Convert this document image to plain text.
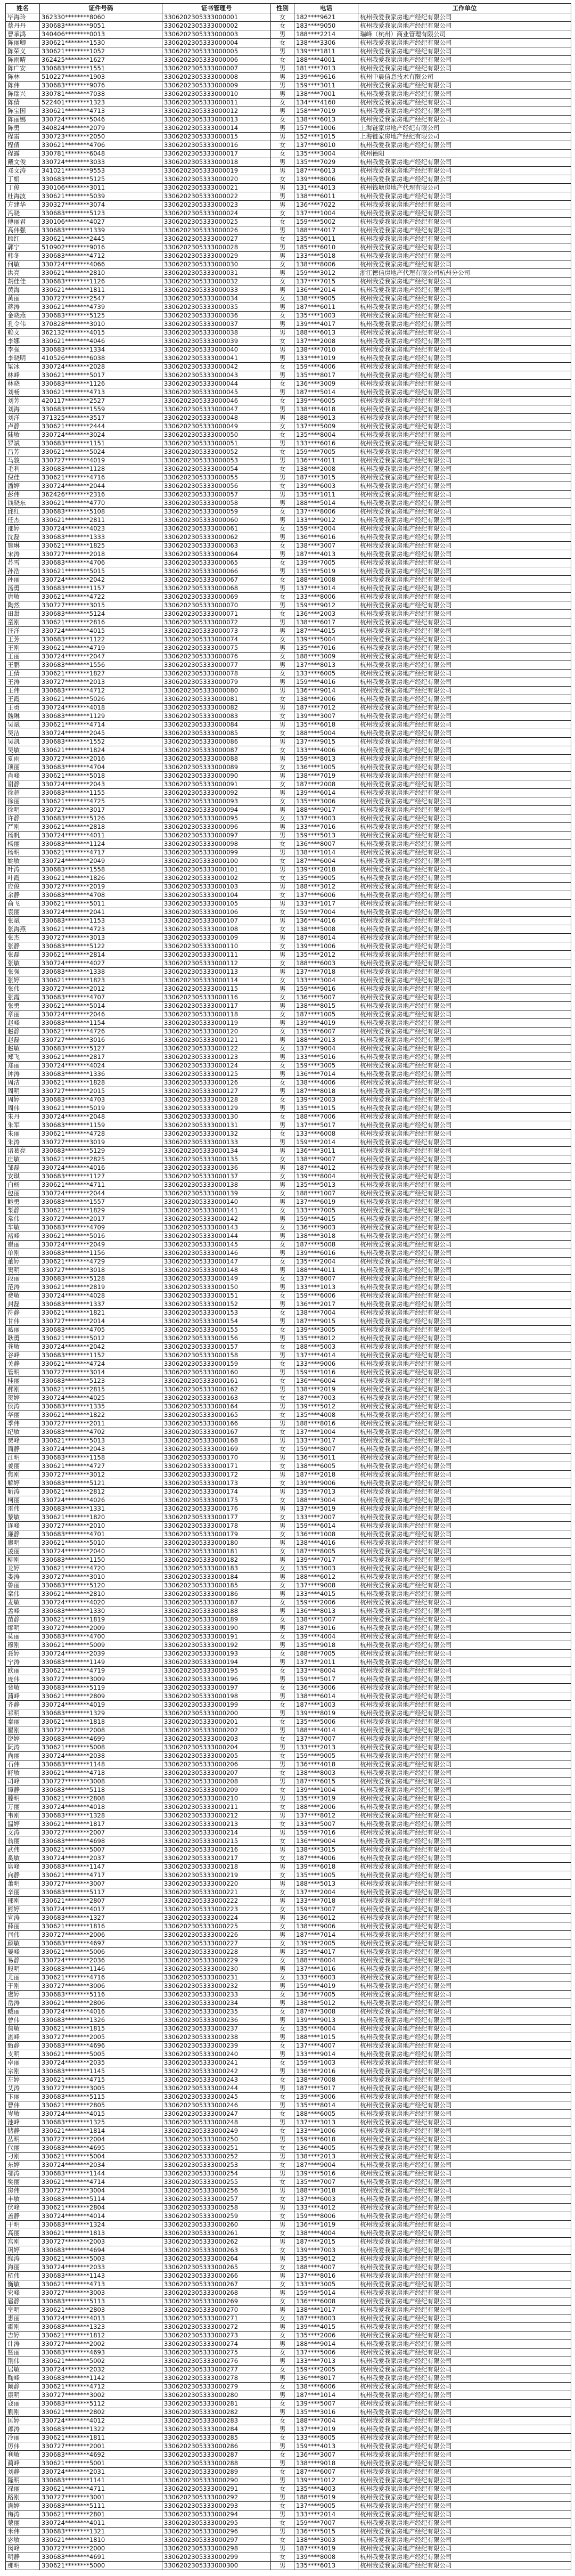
姓名	证件号码	证书管理号	性别	电话	工作单位
毕海玲	362330********8060	3306202305333000001	女	182****9621	杭州我爱我家房地产经纪有限公司
蔡丹丹	330683********9051	3306202305333000002	女	183****9050	杭州我爱我家房地产经纪有限公司
曹承鸿	340406********0013	3306202305333000003	男	188****2214	瑞峰（杭州）商业管理有限公司
陈丽卿	330621********1530	3306202305333000004	女	138****3306	杭州我爱我家房地产经纪有限公司
陈荣义	330621********1052	3306202305333000005	男	139****1811	杭州我爱我家房地产经纪有限公司
陈雨晴	362425********1627	3306202305333000006	女	188****4001	杭州我爱我家房地产经纪有限公司
陈广安	330683********1551	3306202305333000007	男	181****7013	杭州我爱我家房地产经纪有限公司
陈林	510227********1903	3306202305333000008	男	139****9616	杭州中晨信息技术有限公司
陈伟	330683********9076	3306202305333000009	男	159****3011	杭州我爱我家房地产经纪有限公司
陈瑞兴	330781********7038	3306202305333000010	男	138****7001	杭州我爱我家房地产经纪有限公司
陈倩	522401********1323	3306202305333000011	女	134****4160	杭州我爱我家房地产经纪有限公司
陈宝国	330621********4713	3306202305333000012	男	158****7019	杭州我爱我家房地产经纪有限公司
陈丽娜	330724********5046	3306202305333000013	女	138****6013	杭州我爱我家房地产经纪有限公司
陈勇	340824********2079	3306202305333000014	男	157****1006	上海链家房地产经纪有限公司
程雷	330723********2050	3306202305333000015	男	152****1015	上海链家房地产经纪有限公司
程倩	330621********4706	3306202305333000016	女	137****8010	杭州我爱我家房地产经纪有限公司
程露	330781********6048	3306202305333000017	女	135****3004	杭州德阳
戴文俊	330724********3033	3306202305333000018	男	135****7029	杭州我爱我家房地产经纪有限公司
邓文涛	341021********9553	3306202305333000019	男	187****6013	杭州我爱我家房地产经纪有限公司
丁娟	330683********5125	3306202305333000020	女	139****8006	杭州我爱我家房地产经纪有限公司
丁俊	330106********3011	3306202305333000021	男	131****4013	杭州钱塘房地产代理有限公司
杜海波	330621********5039	3306202305333000022	男	138****6011	杭州我爱我家房地产经纪有限公司
方建华	330327********3074	3306202305333000023	男	136****7022	杭州我爱我家房地产经纪有限公司
冯晓	330683********5123	3306202305333000024	女	137****1004	杭州我爱我家房地产经纪有限公司
傅丽君	330106********4027	3306202305333000025	女	159****5002	杭州我爱我家房地产经纪有限公司
高伟强	330683********1339	3306202305333000026	男	188****4017	杭州我爱我家房地产经纪有限公司
顾红	330621********2445	3306202305333000027	女	135****0011	杭州我爱我家房地产经纪有限公司
郭宁	510902********9016	3306202305333000028	男	185****6010	杭州我爱我家房地产经纪有限公司
韩冬	330683********4712	3306202305333000029	男	133****5018	杭州我爱我家房地产经纪有限公司
何敏	330724********4066	3306202305333000030	女	138****8006	杭州我爱我家房地产经纪有限公司
洪亮	330621********2810	3306202305333000031	男	159****3012	浙江德信房地产代理有限公司杭州分公司
胡佳佳	330683********1126	3306202305333000032	女	137****7015	杭州我爱我家房地产经纪有限公司
黄海	330621********1811	3306202305333000033	男	136****2014	杭州我爱我家房地产经纪有限公司
黄丽	330727********2547	3306202305333000034	女	138****9005	杭州我爱我家房地产经纪有限公司
蒋涛	330621********4739	3306202305333000035	男	187****6011	杭州我爱我家房地产经纪有限公司
金晓燕	330683********5125	3306202305333000036	女	135****1003	杭州我爱我家房地产经纪有限公司
孔令伟	370828********3010	3306202305333000037	男	139****4017	杭州我爱我家房地产经纪有限公司
赖文	362132********4015	3306202305333000038	男	188****6013	杭州我爱我家房地产经纪有限公司
李娜	330621********4046	3306202305333000039	女	137****2008	杭州我爱我家房地产经纪有限公司
李强	330683********1334	3306202305333000040	男	138****7010	杭州我爱我家房地产经纪有限公司
李晓明	410526********6038	3306202305333000041	男	133****1019	杭州我爱我家房地产经纪有限公司
梁冰	330724********2028	3306202305333000042	女	159****4006	杭州我爱我家房地产经纪有限公司
林峰	330621********5017	3306202305333000043	男	135****8017	杭州我爱我家房地产经纪有限公司
林晓	330683********1126	3306202305333000044	女	136****3009	杭州我爱我家房地产经纪有限公司
刘畅	330621********4713	3306202305333000045	男	187****5014	杭州我爱我家房地产经纪有限公司
刘芳	420117********2527	3306202305333000046	女	139****6005	杭州我爱我家房地产经纪有限公司
刘海	330683********1559	3306202305333000047	男	138****4018	杭州我爱我家房地产经纪有限公司
刘洋	371325********3517	3306202305333000048	男	188****9013	杭州我爱我家房地产经纪有限公司
卢静	330621********2444	3306202305333000049	女	137****5009	杭州我爱我家房地产经纪有限公司
陆敏	330724********3024	3306202305333000050	女	135****8004	杭州我爱我家房地产经纪有限公司
罗斌	330683********1151	3306202305333000051	男	133****6016	杭州我爱我家房地产经纪有限公司
吕芳	330621********5024	3306202305333000052	女	159****7005	杭州我爱我家房地产经纪有限公司
马骏	330727********4019	3306202305333000053	男	136****4011	杭州我爱我家房地产经纪有限公司
毛利	330683********1128	3306202305333000054	女	138****2008	杭州我爱我家房地产经纪有限公司
倪佳	330621********4716	3306202305333000055	男	187****3015	杭州我爱我家房地产经纪有限公司
潘婷	330724********2044	3306202305333000056	女	139****6003	杭州我爱我家房地产经纪有限公司
彭伟	362426********2316	3306202305333000057	男	135****1011	杭州我爱我家房地产经纪有限公司
钱晓东	330621********4770	3306202305333000058	男	188****5014	杭州我爱我家房地产经纪有限公司
邱红	330683********5108	3306202305333000059	女	137****8006	杭州我爱我家房地产经纪有限公司
任杰	330621********2811	3306202305333000060	男	133****9012	杭州我爱我家房地产经纪有限公司
邵婷	330724********4023	3306202305333000061	女	159****2004	杭州我爱我家房地产经纪有限公司
沈磊	330683********1333	3306202305333000062	男	136****6016	杭州我爱我家房地产经纪有限公司
施琳	330621********1825	3306202305333000063	女	138****3007	杭州我爱我家房地产经纪有限公司
宋涛	330727********2018	3306202305333000064	男	187****4013	杭州我爱我家房地产经纪有限公司
苏雪	330683********4706	3306202305333000065	女	139****7005	杭州我爱我家房地产经纪有限公司
孙浩	330621********5015	3306202305333000066	男	135****5019	杭州我爱我家房地产经纪有限公司
孙丽	330724********2042	3306202305333000067	女	188****1008	杭州我爱我家房地产经纪有限公司
汤勇	330683********1157	3306202305333000068	男	137****3014	杭州我爱我家房地产经纪有限公司
唐敏	330621********4722	3306202305333000069	女	133****8006	杭州我爱我家房地产经纪有限公司
陶然	330727********3015	3306202305333000070	男	159****9012	杭州我爱我家房地产经纪有限公司
田甜	330683********5124	3306202305333000071	女	136****2003	杭州我爱我家房地产经纪有限公司
童刚	330621********2816	3306202305333000072	男	138****6017	杭州我爱我家房地产经纪有限公司
汪洋	330724********4015	3306202305333000073	男	187****4015	杭州我爱我家房地产经纪有限公司
王芳	330683********1122	3306202305333000074	女	139****5004	杭州我爱我家房地产经纪有限公司
王刚	330621********4719	3306202305333000075	男	135****7016	杭州我爱我家房地产经纪有限公司
王丽	330724********2047	3306202305333000076	女	188****3009	杭州我爱我家房地产经纪有限公司
王鹏	330683********1556	3306202305333000077	男	137****8013	杭州我爱我家房地产经纪有限公司
王倩	330621********1827	3306202305333000078	女	133****6005	杭州我爱我家房地产经纪有限公司
王涛	330727********2013	3306202305333000079	男	159****4016	杭州我爱我家房地产经纪有限公司
王伟	330683********4712	3306202305333000080	男	136****9014	杭州我爱我家房地产经纪有限公司
王霞	330621********5026	3306202305333000081	女	138****2006	杭州我爱我家房地产经纪有限公司
王勇	330724********4018	3306202305333000082	男	187****7012	杭州我爱我家房地产经纪有限公司
魏琳	330683********1129	3306202305333000083	女	139****3007	杭州我爱我家房地产经纪有限公司
吴斌	330621********4714	3306202305333000084	男	135****6018	杭州我爱我家房地产经纪有限公司
吴洁	330724********2045	3306202305333000085	女	188****5004	杭州我爱我家房地产经纪有限公司
吴凯	330683********1552	3306202305333000086	男	137****9015	杭州我爱我家房地产经纪有限公司
吴敏	330621********1824	3306202305333000087	女	133****4006	杭州我爱我家房地产经纪有限公司
夏雨	330727********2016	3306202305333000088	男	159****8013	杭州我爱我家房地产经纪有限公司
项丽	330683********4704	3306202305333000089	女	136****1005	杭州我爱我家房地产经纪有限公司
肖峰	330621********5018	3306202305333000090	男	138****7019	杭州我爱我家房地产经纪有限公司
谢静	330724********2043	3306202305333000091	女	187****2008	杭州我爱我家房地产经纪有限公司
徐超	330683********1155	3306202305333000092	男	139****6014	杭州我爱我家房地产经纪有限公司
徐丽	330621********4725	3306202305333000093	女	135****3006	杭州我爱我家房地产经纪有限公司
徐明	330727********3017	3306202305333000094	男	188****9017	杭州我爱我家房地产经纪有限公司
许静	330683********5126	3306202305333000095	女	137****4003	杭州我爱我家房地产经纪有限公司
严刚	330621********2818	3306202305333000096	男	133****7016	杭州我爱我家房地产经纪有限公司
杨帆	330724********4011	3306202305333000097	男	159****5013	杭州我爱我家房地产经纪有限公司
杨丽	330683********1124	3306202305333000098	女	136****8007	杭州我爱我家房地产经纪有限公司
杨明	330621********4717	3306202305333000099	男	138****1014	杭州我爱我家房地产经纪有限公司
姚敏	330724********2049	3306202305333000100	女	187****6004	杭州我爱我家房地产经纪有限公司
叶涛	330683********1558	3306202305333000101	男	139****2018	杭州我爱我家房地产经纪有限公司
叶霞	330621********1826	3306202305333000102	女	135****9005	杭州我爱我家房地产经纪有限公司
应俊	330727********2019	3306202305333000103	男	188****3012	杭州我爱我家房地产经纪有限公司
余静	330683********4708	3306202305333000104	女	137****6006	杭州我爱我家房地产经纪有限公司
俞飞	330621********5011	3306202305333000105	男	133****1017	杭州我爱我家房地产经纪有限公司
袁丽	330724********2041	3306202305333000106	女	159****7004	杭州我爱我家房地产经纪有限公司
张斌	330683********1153	3306202305333000107	男	136****4016	杭州我爱我家房地产经纪有限公司
张海燕	330621********4723	3306202305333000108	女	138****5008	杭州我爱我家房地产经纪有限公司
张杰	330727********3013	3306202305333000109	男	187****8014	杭州我爱我家房地产经纪有限公司
张静	330683********5122	3306202305333000110	女	139****1006	杭州我爱我家房地产经纪有限公司
张磊	330621********2814	3306202305333000111	男	135****2012	杭州我爱我家房地产经纪有限公司
张敏	330724********4027	3306202305333000112	女	188****6003	杭州我爱我家房地产经纪有限公司
张强	330683********1338	3306202305333000113	男	137****7018	杭州我爱我家房地产经纪有限公司
张婷	330621********1823	3306202305333000114	女	133****3004	杭州我爱我家房地产经纪有限公司
张伟	330727********2012	3306202305333000115	男	159****9016	杭州我爱我家房地产经纪有限公司
张霞	330683********4707	3306202305333000116	女	136****5007	杭州我爱我家房地产经纪有限公司
张勇	330621********5014	3306202305333000117	男	138****8015	杭州我爱我家房地产经纪有限公司
章丽	330724********2046	3306202305333000118	女	187****1005	杭州我爱我家房地产经纪有限公司
赵峰	330683********1154	3306202305333000119	男	139****4019	杭州我爱我家房地产经纪有限公司
赵静	330621********4726	3306202305333000120	女	135****6007	杭州我爱我家房地产经纪有限公司
赵磊	330727********3016	3306202305333000121	男	188****2013	杭州我爱我家房地产经纪有限公司
赵敏	330683********5127	3306202305333000122	女	137****9004	杭州我爱我家房地产经纪有限公司
郑飞	330621********2817	3306202305333000123	男	133****5016	杭州我爱我家房地产经纪有限公司
郑丽	330724********4024	3306202305333000124	女	159****3005	杭州我爱我家房地产经纪有限公司
钟涛	330683********1336	3306202305333000125	男	136****7014	杭州我爱我家房地产经纪有限公司
周洁	330621********1828	3306202305333000126	女	138****4006	杭州我爱我家房地产经纪有限公司
周明	330727********2015	3306202305333000127	男	187****8018	杭州我爱我家房地产经纪有限公司
周婷	330683********4703	3306202305333000128	女	139****2003	杭州我爱我家房地产经纪有限公司
周伟	330621********5019	3306202305333000129	男	135****1015	杭州我爱我家房地产经纪有限公司
朱丹	330724********2048	3306202305333000130	女	188****7006	杭州我爱我家房地产经纪有限公司
朱军	330683********1159	3306202305333000131	男	137****5017	杭州我爱我家房地产经纪有限公司
朱丽	330621********4728	3306202305333000132	女	133****6008	杭州我爱我家房地产经纪有限公司
朱涛	330727********3019	3306202305333000133	男	159****2014	杭州我爱我家房地产经纪有限公司
诸葛亮	330683********5129	3306202305333000134	男	136****3011	杭州我爱我家房地产经纪有限公司
庄敏	330621********2825	3306202305333000135	女	138****9007	杭州我爱我家房地产经纪有限公司
邹磊	330724********4016	3306202305333000136	男	187****4012	杭州我爱我家房地产经纪有限公司
安琪	330683********1127	3306202305333000137	女	139****8004	杭州我爱我家房地产经纪有限公司
白杨	330621********4711	3306202305333000138	男	135****5013	杭州我爱我家房地产经纪有限公司
包丽	330724********2044	3306202305333000139	女	188****1007	杭州我爱我家房地产经纪有限公司
鲍勇	330683********1557	3306202305333000140	男	137****6019	杭州我爱我家房地产经纪有限公司
柴静	330621********1829	3306202305333000141	女	133****7005	杭州我爱我家房地产经纪有限公司
常伟	330727********2017	3306202305333000142	男	159****4015	杭州我爱我家房地产经纪有限公司
车敏	330683********4709	3306202305333000143	女	136****9003	杭州我爱我家房地产经纪有限公司
褚峰	330621********5016	3306202305333000144	男	138****3018	杭州我爱我家房地产经纪有限公司
崔丽	330724********2049	3306202305333000145	女	187****5008	杭州我爱我家房地产经纪有限公司
单刚	330683********1156	3306202305333000146	男	139****6016	杭州我爱我家房地产经纪有限公司
董婷	330621********4729	3306202305333000147	女	135****2004	杭州我爱我家房地产经纪有限公司
窦明	330727********3018	3306202305333000148	男	188****4011	杭州我爱我家房地产经纪有限公司
段丽	330683********5128	3306202305333000149	女	137****8007	杭州我爱我家房地产经纪有限公司
范涛	330621********2819	3306202305333000150	男	133****1013	杭州我爱我家房地产经纪有限公司
费敏	330724********4028	3306202305333000151	女	159****6006	杭州我爱我家房地产经纪有限公司
封磊	330683********1337	3306202305333000152	男	136****2017	杭州我爱我家房地产经纪有限公司
符静	330621********1821	3306202305333000153	女	138****7004	杭州我爱我家房地产经纪有限公司
甘伟	330727********2014	3306202305333000154	男	187****9015	杭州我爱我家房地产经纪有限公司
葛丽	330683********4705	3306202305333000155	女	139****3005	杭州我爱我家房地产经纪有限公司
耿勇	330621********5012	3306202305333000156	男	135****8012	杭州我爱我家房地产经纪有限公司
龚敏	330724********2042	3306202305333000157	女	188****5003	杭州我爱我家房地产经纪有限公司
谷峰	330683********1152	3306202305333000158	男	137****4014	杭州我爱我家房地产经纪有限公司
关静	330621********4724	3306202305333000159	女	133****9006	杭州我爱我家房地产经纪有限公司
管明	330727********3014	3306202305333000160	男	159****1016	杭州我爱我家房地产经纪有限公司
桂丽	330683********5123	3306202305333000161	女	136****6004	杭州我爱我家房地产经纪有限公司
郝刚	330621********2815	3306202305333000162	男	138****2019	杭州我爱我家房地产经纪有限公司
贺婷	330724********4025	3306202305333000163	女	187****7003	杭州我爱我家房地产经纪有限公司
侯涛	330683********1335	3306202305333000164	男	139****5012	杭州我爱我家房地产经纪有限公司
华丽	330621********1822	3306202305333000165	女	135****4008	杭州我爱我家房地产经纪有限公司
季伟	330727********2011	3306202305333000166	男	188****8016	杭州我爱我家房地产经纪有限公司
纪敏	330683********4702	3306202305333000167	女	137****1004	杭州我爱我家房地产经纪有限公司
贾峰	330621********5013	3306202305333000168	男	133****3017	杭州我爱我家房地产经纪有限公司
简静	330724********2043	3306202305333000169	女	159****8007	杭州我爱我家房地产经纪有限公司
江明	330683********1158	3306202305333000170	男	136****5011	杭州我爱我家房地产经纪有限公司
姜丽	330621********4727	3306202305333000171	女	138****6005	杭州我爱我家房地产经纪有限公司
焦刚	330727********3012	3306202305333000172	男	187****2018	杭州我爱我家房地产经纪有限公司
解婷	330683********5121	3306202305333000173	女	139****9006	杭州我爱我家房地产经纪有限公司
靳涛	330621********2812	3306202305333000174	男	135****7013	杭州我爱我家房地产经纪有限公司
柯丽	330724********4026	3306202305333000175	女	188****3004	杭州我爱我家房地产经纪有限公司
雷伟	330683********1331	3306202305333000176	男	137****5019	杭州我爱我家房地产经纪有限公司
黎敏	330621********1820	3306202305333000177	女	133****2007	杭州我爱我家房地产经纪有限公司
连峰	330727********2010	3306202305333000178	男	159****6014	杭州我爱我家房地产经纪有限公司
廉静	330683********4701	3306202305333000179	女	136****1008	杭州我爱我家房地产经纪有限公司
廖明	330621********5010	3306202305333000180	男	138****4016	杭州我爱我家房地产经纪有限公司
凌丽	330724********2040	3306202305333000181	女	187****8005	杭州我爱我家房地产经纪有限公司
柳刚	330683********1150	3306202305333000182	男	139****7017	杭州我爱我家房地产经纪有限公司
龙婷	330621********4720	3306202305333000183	女	135****3003	杭州我爱我家房地产经纪有限公司
娄涛	330727********3010	3306202305333000184	男	188****6012	杭州我爱我家房地产经纪有限公司
鲁丽	330683********5120	3306202305333000185	女	137****9008	杭州我爱我家房地产经纪有限公司
栾伟	330621********2810	3306202305333000186	男	133****4015	杭州我爱我家房地产经纪有限公司
麦敏	330724********4020	3306202305333000187	女	159****2006	杭州我爱我家房地产经纪有限公司
孟峰	330683********1330	3306202305333000188	男	136****8013	杭州我爱我家房地产经纪有限公司
苗静	330621********1819	3306202305333000189	女	138****1007	杭州我爱我家房地产经纪有限公司
缪明	330727********2009	3306202305333000190	男	187****3016	杭州我爱我家房地产经纪有限公司
莫丽	330683********4700	3306202305333000191	女	139****4004	杭州我爱我家房地产经纪有限公司
穆刚	330621********5009	3306202305333000192	男	135****9018	杭州我爱我家房地产经纪有限公司
聂婷	330724********2039	3306202305333000193	女	188****7005	杭州我爱我家房地产经纪有限公司
宁涛	330683********1149	3306202305333000194	男	137****2011	杭州我爱我家房地产经纪有限公司
欧丽	330621********4719	3306202305333000195	女	133****8004	杭州我爱我家房地产经纪有限公司
庞伟	330727********3009	3306202305333000196	男	159****5017	杭州我爱我家房地产经纪有限公司
裴敏	330683********5119	3306202305333000197	女	136****3006	杭州我爱我家房地产经纪有限公司
蒲峰	330621********2809	3306202305333000198	男	138****6014	杭州我爱我家房地产经纪有限公司
齐静	330724********4019	3306202305333000199	女	187****1003	杭州我爱我家房地产经纪有限公司
祁明	330683********1329	3306202305333000200	男	139****8019	杭州我爱我家房地产经纪有限公司
秦丽	330621********1818	3306202305333000201	女	135****5006	杭州我爱我家房地产经纪有限公司
瞿刚	330727********2008	3306202305333000202	男	188****4014	杭州我爱我家房地产经纪有限公司
饶婷	330683********4699	3306202305333000203	女	137****7007	杭州我爱我家房地产经纪有限公司
阮涛	330621********5008	3306202305333000204	男	133****2013	杭州我爱我家房地产经纪有限公司
尚丽	330724********2038	3306202305333000205	女	159****9005	杭州我爱我家房地产经纪有限公司
石伟	330683********1148	3306202305333000206	男	136****4018	杭州我爱我家房地产经纪有限公司
舒敏	330621********4718	3306202305333000207	女	138****8003	杭州我爱我家房地产经纪有限公司
司峰	330727********3008	3306202305333000208	男	187****6015	杭州我爱我家房地产经纪有限公司
谭静	330683********5118	3306202305333000209	女	139****1004	杭州我爱我家房地产经纪有限公司
滕明	330621********2808	3306202305333000210	男	135****3019	杭州我爱我家房地产经纪有限公司
万丽	330724********4018	3306202305333000211	女	188****2006	杭州我爱我家房地产经纪有限公司
韦刚	330683********1328	3306202305333000212	男	137****8012	杭州我爱我家房地产经纪有限公司
温婷	330621********1817	3306202305333000213	女	133****5007	杭州我爱我家房地产经纪有限公司
文涛	330727********2007	3306202305333000214	男	159****7016	杭州我爱我家房地产经纪有限公司
翁丽	330683********4698	3306202305333000215	女	136****9004	杭州我爱我家房地产经纪有限公司
武伟	330621********5007	3306202305333000216	男	138****3015	杭州我爱我家房地产经纪有限公司
奚敏	330724********2037	3306202305333000217	女	187****4006	杭州我爱我家房地产经纪有限公司
席峰	330683********1147	3306202305333000218	男	139****6018	杭州我爱我家房地产经纪有限公司
向静	330621********4717	3306202305333000219	女	135****1005	杭州我爱我家房地产经纪有限公司
萧明	330727********3007	3306202305333000220	男	188****5013	杭州我爱我家房地产经纪有限公司
辛丽	330683********5117	3306202305333000221	女	137****2004	杭州我爱我家房地产经纪有限公司
邢刚	330621********2807	3306202305333000222	男	133****7018	杭州我爱我家房地产经纪有限公司
熊婷	330724********4017	3306202305333000223	女	159****3007	杭州我爱我家房地产经纪有限公司
宣涛	330683********1327	3306202305333000224	男	136****6012	杭州我爱我家房地产经纪有限公司
薛丽	330621********1816	3306202305333000225	女	138****9006	杭州我爱我家房地产经纪有限公司
闫伟	330727********2006	3306202305333000226	男	187****7014	杭州我爱我家房地产经纪有限公司
颜敏	330683********4697	3306202305333000227	女	139****2005	杭州我爱我家房地产经纪有限公司
晏峰	330621********5006	3306202305333000228	男	135****4017	杭州我爱我家房地产经纪有限公司
易静	330724********2036	3306202305333000229	女	188****8004	杭州我爱我家房地产经纪有限公司
殷明	330683********1146	3306202305333000230	男	137****1016	杭州我爱我家房地产经纪有限公司
尤丽	330621********4716	3306202305333000231	女	133****6003	杭州我爱我家房地产经纪有限公司
于刚	330727********3006	3306202305333000232	男	159****4019	杭州我爱我家房地产经纪有限公司
虞婷	330683********5116	3306202305333000233	女	136****7005	杭州我爱我家房地产经纪有限公司
岳涛	330621********2806	3306202305333000234	男	138****5012	杭州我爱我家房地产经纪有限公司
臧丽	330724********4016	3306202305333000235	女	187****3008	杭州我爱我家房地产经纪有限公司
曾伟	330683********1326	3306202305333000236	男	139****9013	杭州我爱我家房地产经纪有限公司
詹敏	330621********1815	3306202305333000237	女	135****6004	杭州我爱我家房地产经纪有限公司
湛峰	330727********2005	3306202305333000238	男	188****1015	杭州我爱我家房地产经纪有限公司
甄静	330683********4696	3306202305333000239	女	137****4007	杭州我爱我家房地产经纪有限公司
支明	330621********5005	3306202305333000240	男	133****9014	杭州我爱我家房地产经纪有限公司
卓丽	330724********2035	3306202305333000241	女	159****1003	杭州我爱我家房地产经纪有限公司
宗刚	330683********1145	3306202305333000242	男	136****2016	杭州我爱我家房地产经纪有限公司
左婷	330621********4715	3306202305333000243	女	138****7008	杭州我爱我家房地产经纪有限公司
艾涛	330727********3005	3306202305333000244	男	187****5017	杭州我爱我家房地产经纪有限公司
卞丽	330683********5115	3306202305333000245	女	139****3006	杭州我爱我家房地产经纪有限公司
曹伟	330621********2805	3306202305333000246	男	135****8014	杭州我爱我家房地产经纪有限公司
岑敏	330724********4015	3306202305333000247	女	188****6005	杭州我爱我家房地产经纪有限公司
池峰	330683********1325	3306202305333000248	男	137****3013	杭州我爱我家房地产经纪有限公司
储静	330621********1814	3306202305333000249	女	133****1006	杭州我爱我家房地产经纪有限公司
丛明	330727********2004	3306202305333000250	男	159****6018	杭州我爱我家房地产经纪有限公司
代丽	330683********4695	3306202305333000251	女	136****4005	杭州我爱我家房地产经纪有限公司
刁刚	330621********5004	3306202305333000252	男	138****2013	杭州我爱我家房地产经纪有限公司
东婷	330724********2034	3306202305333000253	女	187****9004	杭州我爱我家房地产经纪有限公司
鄂涛	330683********1144	3306202305333000254	男	139****5016	杭州我爱我家房地产经纪有限公司
樊丽	330621********4714	3306202305333000255	女	135****7007	杭州我爱我家房地产经纪有限公司
房伟	330727********3004	3306202305333000256	男	188****3018	杭州我爱我家房地产经纪有限公司
丰敏	330683********5114	3306202305333000257	女	137****6003	杭州我爱我家房地产经纪有限公司
伏峰	330621********2804	3306202305333000258	男	133****4012	杭州我爱我家房地产经纪有限公司
盖静	330724********4014	3306202305333000259	女	159****8006	杭州我爱我家房地产经纪有限公司
干明	330683********1324	3306202305333000260	男	136****1019	杭州我爱我家房地产经纪有限公司
高丽	330621********1813	3306202305333000261	女	138****4004	杭州我爱我家房地产经纪有限公司
宫刚	330727********2003	3306202305333000262	男	187****2015	杭州我爱我家房地产经纪有限公司
巩婷	330683********4694	3306202305333000263	女	139****7003	杭州我爱我家房地产经纪有限公司
缑涛	330621********5003	3306202305333000264	男	135****9012	杭州我爱我家房地产经纪有限公司
海丽	330724********2033	3306202305333000265	女	188****4007	杭州我爱我家房地产经纪有限公司
杭伟	330683********1143	3306202305333000266	男	137****8016	杭州我爱我家房地产经纪有限公司
衡敏	330621********4713	3306202305333000267	女	133****3005	杭州我爱我家房地产经纪有限公司
宏峰	330727********3003	3306202305333000268	男	159****5014	杭州我爱我家房地产经纪有限公司
扈静	330683********5113	3306202305333000269	女	136****6008	杭州我爱我家房地产经纪有限公司
皇明	330621********2803	3306202305333000270	男	138****1017	杭州我爱我家房地产经纪有限公司
惠丽	330724********4013	3306202305333000271	女	187****8003	杭州我爱我家房地产经纪有限公司
霍刚	330683********1323	3306202305333000272	男	139****4015	杭州我爱我家房地产经纪有限公司
吉婷	330621********1812	3306202305333000273	女	135****2006	杭州我爱我家房地产经纪有限公司
计涛	330727********2002	3306202305333000274	男	188****9014	杭州我爱我家房地产经纪有限公司
暨丽	330683********4693	3306202305333000275	女	137****5006	杭州我爱我家房地产经纪有限公司
荆伟	330621********5002	3306202305333000276	男	133****7013	杭州我爱我家房地产经纪有限公司
居敏	330724********2032	3306202305333000277	女	159****2005	杭州我爱我家房地产经纪有限公司
鞠峰	330683********1142	3306202305333000278	男	136****8017	杭州我爱我家房地产经纪有限公司
阚静	330621********4712	3306202305333000279	女	138****6006	杭州我爱我家房地产经纪有限公司
康明	330727********3002	3306202305333000280	男	187****1014	杭州我爱我家房地产经纪有限公司
寇丽	330683********5112	3306202305333000281	女	139****5007	杭州我爱我家房地产经纪有限公司
蒯刚	330621********2802	3306202305333000282	男	135****3016	杭州我爱我家房地产经纪有限公司
匡婷	330724********4012	3306202305333000283	女	188****7004	杭州我爱我家房地产经纪有限公司
郎涛	330683********1322	3306202305333000284	男	137****2019	杭州我爱我家房地产经纪有限公司
冷丽	330621********1811	3306202305333000285	女	133****8005	杭州我爱我家房地产经纪有限公司
厉伟	330727********2001	3306202305333000286	男	159****4013	杭州我爱我家房地产经纪有限公司
利敏	330683********4692	3306202305333000287	女	136****3007	杭州我爱我家房地产经纪有限公司
蔺峰	330621********5001	3306202305333000288	男	138****9018	杭州我爱我家房地产经纪有限公司
刘静	330724********2031	3306202305333000289	女	187****6007	杭州我爱我家房地产经纪有限公司
隆明	330683********1141	3306202305333000290	男	139****1012	杭州我爱我家房地产经纪有限公司
禄丽	330621********4711	3306202305333000291	女	135****4003	杭州我爱我家房地产经纪有限公司
路刚	330727********3001	3306202305333000292	男	188****5019	杭州我爱我家房地产经纪有限公司
满婷	330683********5111	3306202305333000293	女	137****9005	杭州我爱我家房地产经纪有限公司
梅涛	330621********2801	3306202305333000294	男	133****2014	杭州我爱我家房地产经纪有限公司
蒙丽	330724********4011	3306202305333000295	女	159****7007	杭州我爱我家房地产经纪有限公司
米伟	330683********1321	3306202305333000296	男	136****5015	杭州我爱我家房地产经纪有限公司
宓敏	330621********1810	3306202305333000297	女	138****3003	杭州我爱我家房地产经纪有限公司
闵峰	330727********2000	3306202305333000298	男	187****4019	杭州我爱我家房地产经纪有限公司
明静	330683********4691	3306202305333000299	女	139****8008	杭州我爱我家房地产经纪有限公司
那明	330621********5000	3306202305333000300	男	135****6013	杭州我爱我家房地产经纪有限公司
